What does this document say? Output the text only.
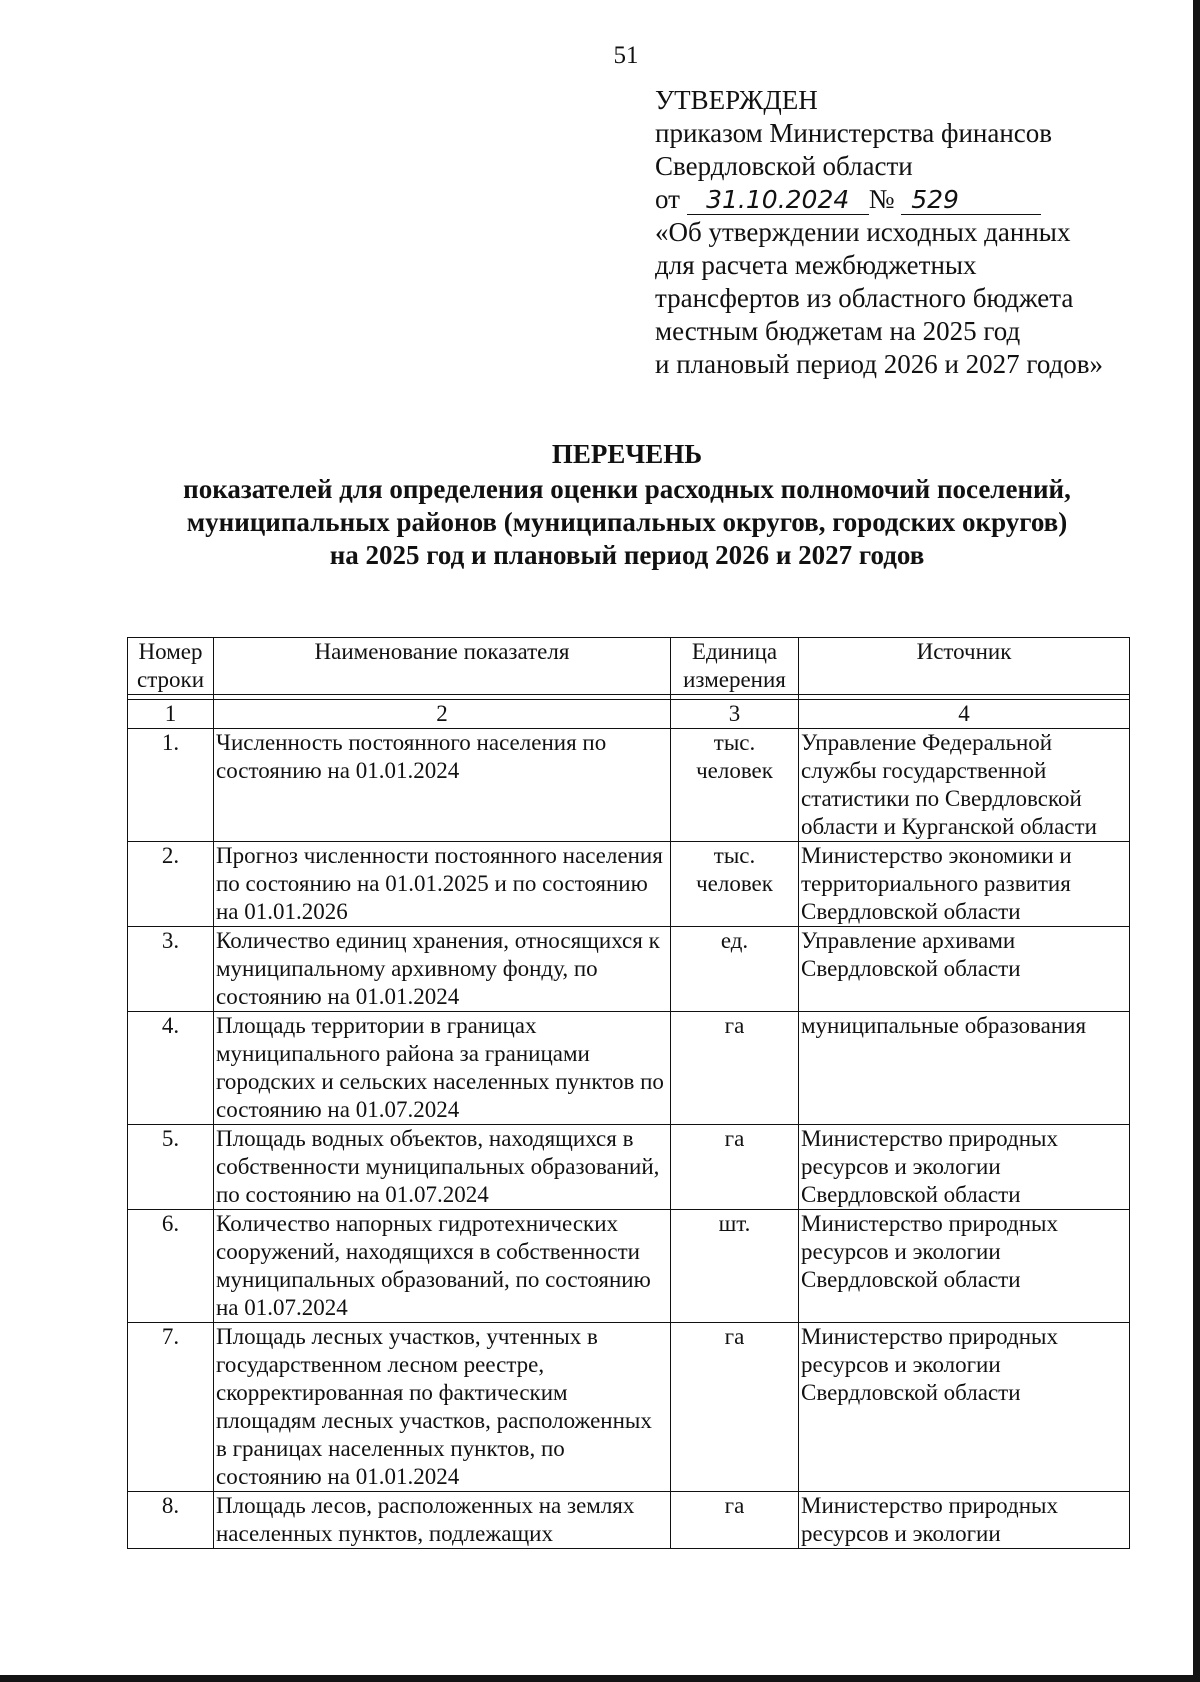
51
УТВЕРЖДЕН
приказом Министерства финансов
Свердловской области
от 31.10.2024 № 529
«Об утверждении исходных данных
для расчета межбюджетных
трансфертов из областного бюджета
местным бюджетам на 2025 год
и плановый период 2026 и 2027 годов»
ПЕРЕЧЕНЬ
показателей для определения оценки расходных полномочий поселений,
муниципальных районов (муниципальных округов, городских округов)
на 2025 год и плановый период 2026 и 2027 годов
Номер строки	Наименование показателя	Единица измерения	Источник

1	2	3	4
1.	Численность постоянного населения по состоянию на 01.01.2024	тыс. человек	Управление Федеральной службы государственной статистики по Свердловской области и Курганской области
2.	Прогноз численности постоянного населения по состоянию на 01.01.2025 и по состоянию на 01.01.2026	тыс. человек	Министерство экономики и территориального развития Свердловской области
3.	Количество единиц хранения, относящихся к муниципальному архивному фонду, по состоянию на 01.01.2024	ед.	Управление архивами Свердловской области
4.	Площадь территории в границах муниципального района за границами городских и сельских населенных пунктов по состоянию на 01.07.2024	га	муниципальные образования
5.	Площадь водных объектов, находящихся в собственности муниципальных образований, по состоянию на 01.07.2024	га	Министерство природных ресурсов и экологии Свердловской области
6.	Количество напорных гидротехнических сооружений, находящихся в собственности муниципальных образований, по состоянию на 01.07.2024	шт.	Министерство природных ресурсов и экологии Свердловской области
7.	Площадь лесных участков, учтенных в государственном лесном реестре, скорректированная по фактическим площадям лесных участков, расположенных в границах населенных пунктов, по состоянию на 01.01.2024	га	Министерство природных ресурсов и экологии Свердловской области
8.	Площадь лесов, расположенных на землях населенных пунктов, подлежащих	га	Министерство природных ресурсов и экологии
